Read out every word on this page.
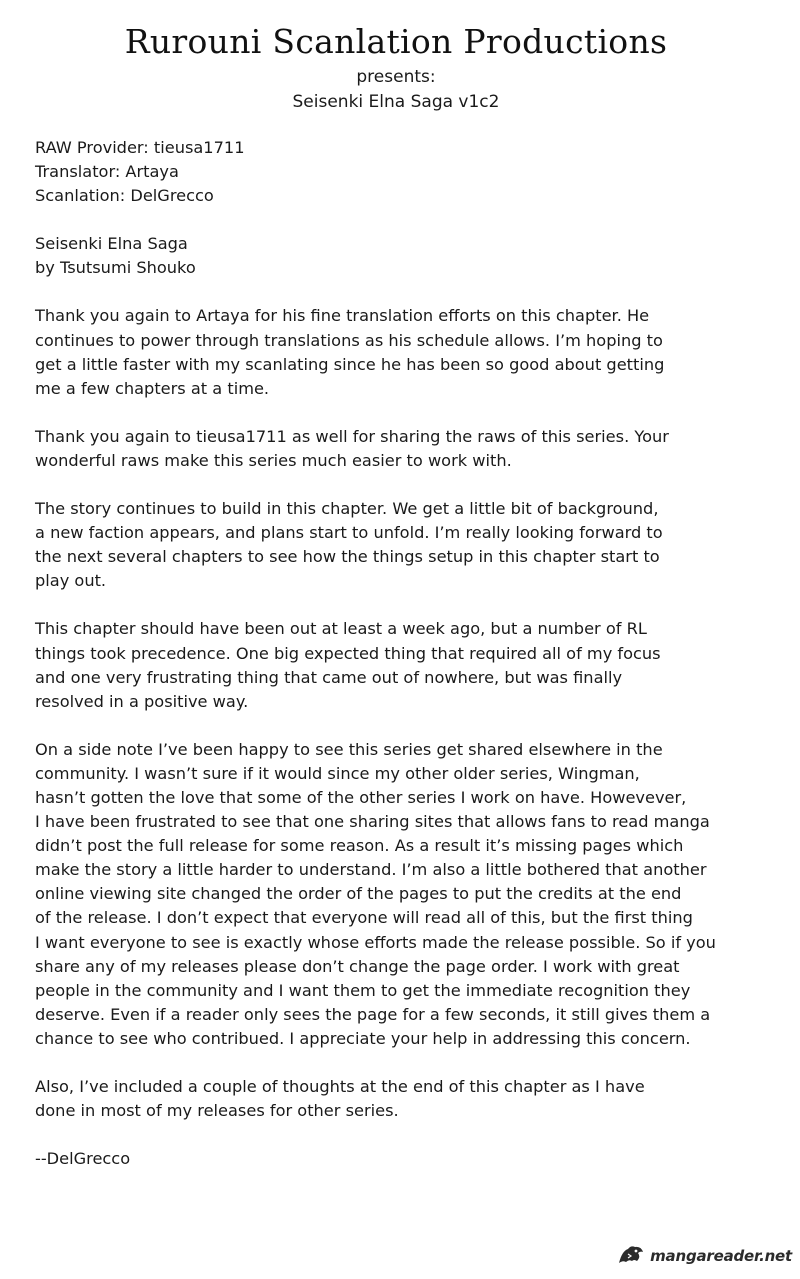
Rurouni Scanlation Productions
presents:
Seisenki Elna Saga v1c2
RAW Provider: tieusa1711
Translator: Artaya
Scanlation: DelGrecco
Seisenki Elna Saga
by Tsutsumi Shouko
Thank you again to Artaya for his fine translation efforts on this chapter. He
continues to power through translations as his schedule allows. I’m hoping to
get a little faster with my scanlating since he has been so good about getting
me a few chapters at a time.
Thank you again to tieusa1711 as well for sharing the raws of this series. Your
wonderful raws make this series much easier to work with.
The story continues to build in this chapter. We get a little bit of background,
a new faction appears, and plans start to unfold. I’m really looking forward to
the next several chapters to see how the things setup in this chapter start to
play out.
This chapter should have been out at least a week ago, but a number of RL
things took precedence. One big expected thing that required all of my focus
and one very frustrating thing that came out of nowhere, but was finally
resolved in a positive way.
On a side note I’ve been happy to see this series get shared elsewhere in the
community. I wasn’t sure if it would since my other older series, Wingman,
hasn’t gotten the love that some of the other series I work on have. Howevever,
I have been frustrated to see that one sharing sites that allows fans to read manga
didn’t post the full release for some reason. As a result it’s missing pages which
make the story a little harder to understand. I’m also a little bothered that another
online viewing site changed the order of the pages to put the credits at the end
of the release. I don’t expect that everyone will read all of this, but the first thing
I want everyone to see is exactly whose efforts made the release possible. So if you
share any of my releases please don’t change the page order. I work with great
people in the community and I want them to get the immediate recognition they
deserve. Even if a reader only sees the page for a few seconds, it still gives them a
chance to see who contribued. I appreciate your help in addressing this concern.
Also, I’ve included a couple of thoughts at the end of this chapter as I have
done in most of my releases for other series.
--DelGrecco
mangareader.net
